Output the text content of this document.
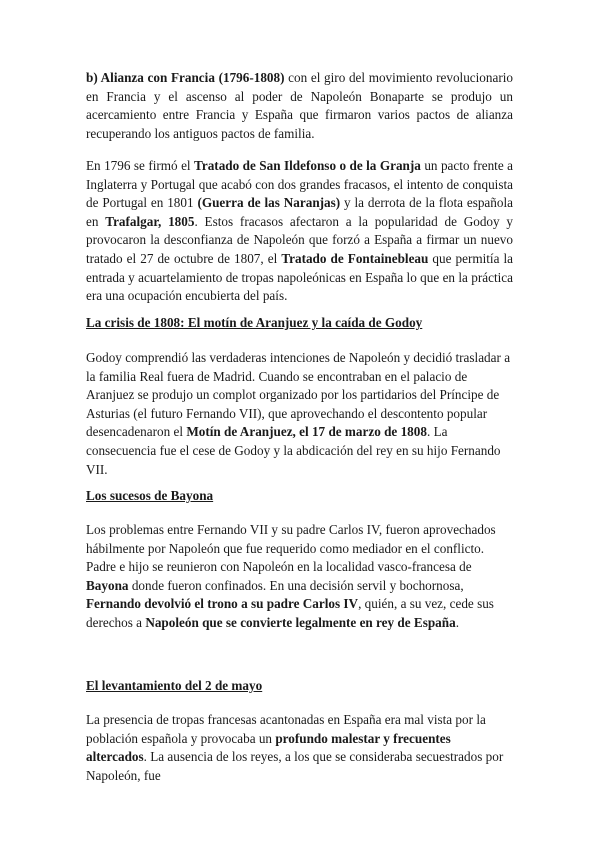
b) Alianza con Francia (1796-1808) con el giro del movimiento revolucionario en Francia y el ascenso al poder de Napoleón Bonaparte se produjo un acercamiento entre Francia y España que firmaron varios pactos de alianza recuperando los antiguos pactos de familia.

En 1796 se firmó el Tratado de San Ildefonso o de la Granja un pacto frente a Inglaterra y Portugal que acabó con dos grandes fracasos, el intento de conquista de Portugal en 1801 (Guerra de las Naranjas) y la derrota de la flota española en Trafalgar, 1805. Estos fracasos afectaron a la popularidad de Godoy y provocaron la desconfianza de Napoleón que forzó a España a firmar un nuevo tratado el 27 de octubre de 1807, el Tratado de Fontainebleau que permitía la entrada y acuartelamiento de tropas napoleónicas en España lo que en la práctica era una ocupación encubierta del país.

La crisis de 1808: El motín de Aranjuez y la caída de Godoy

Godoy comprendió las verdaderas intenciones de Napoleón y decidió trasladar a la familia Real fuera de Madrid. Cuando se encontraban en el palacio de Aranjuez se produjo un complot organizado por los partidarios del Príncipe de Asturias (el futuro Fernando VII), que aprovechando el descontento popular desencadenaron el Motín de Aranjuez, el 17 de marzo de 1808. La consecuencia fue el cese de Godoy y la abdicación del rey en su hijo Fernando VII.

Los sucesos de Bayona

Los problemas entre Fernando VII y su padre Carlos IV, fueron aprovechados hábilmente por Napoleón que fue requerido como mediador en el conflicto. Padre e hijo se reunieron con Napoleón en la localidad vasco-francesa de Bayona donde fueron confinados. En una decisión servil y bochornosa, Fernando devolvió el trono a su padre Carlos IV, quién, a su vez, cede sus derechos a Napoleón que se convierte legalmente en rey de España.

El levantamiento del 2 de mayo

La presencia de tropas francesas acantonadas en España era mal vista por la población española y provocaba un profundo malestar y frecuentes altercados. La ausencia de los reyes, a los que se consideraba secuestrados por Napoleón, fue
